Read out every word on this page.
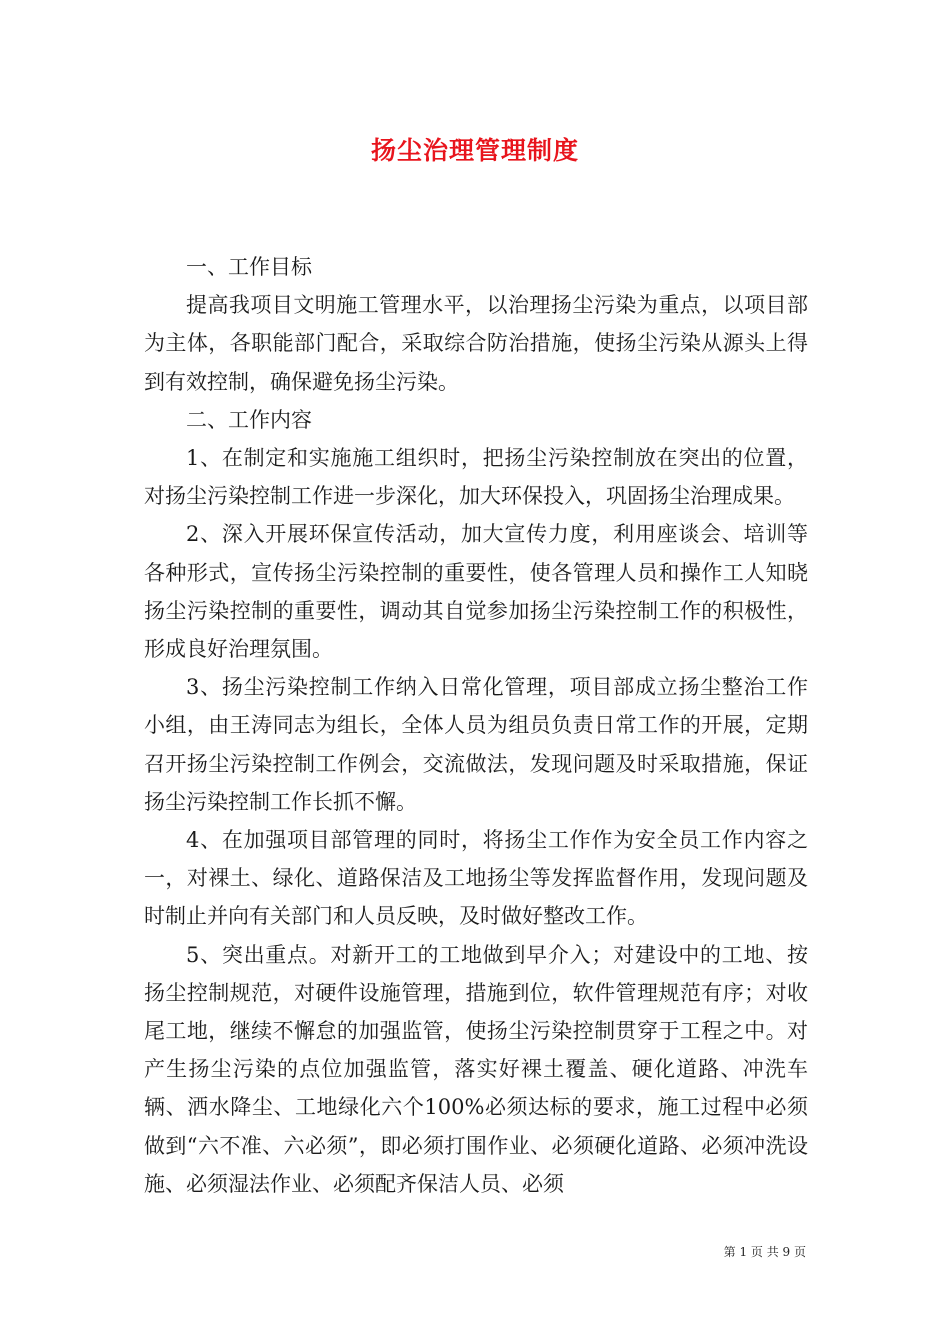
扬尘治理管理制度

一、工作目标

提高我项目文明施工管理水平，以治理扬尘污染为重点，以项目部为主体，各职能部门配合，采取综合防治措施，使扬尘污染从源头上得到有效控制，确保避免扬尘污染。

二、工作内容

1、在制定和实施施工组织时，把扬尘污染控制放在突出的位置，对扬尘污染控制工作进一步深化，加大环保投入，巩固扬尘治理成果。

2、深入开展环保宣传活动，加大宣传力度，利用座谈会、培训等各种形式，宣传扬尘污染控制的重要性，使各管理人员和操作工人知晓扬尘污染控制的重要性，调动其自觉参加扬尘污染控制工作的积极性，形成良好治理氛围。

3、扬尘污染控制工作纳入日常化管理，项目部成立扬尘整治工作小组，由王涛同志为组长，全体人员为组员负责日常工作的开展，定期召开扬尘污染控制工作例会，交流做法，发现问题及时采取措施，保证扬尘污染控制工作长抓不懈。

4、在加强项目部管理的同时，将扬尘工作作为安全员工作内容之一，对裸土、绿化、道路保洁及工地扬尘等发挥监督作用，发现问题及时制止并向有关部门和人员反映，及时做好整改工作。

5、突出重点。对新开工的工地做到早介入；对建设中的工地、按扬尘控制规范，对硬件设施管理，措施到位，软件管理规范有序；对收尾工地，继续不懈怠的加强监管，使扬尘污染控制贯穿于工程之中。对产生扬尘污染的点位加强监管，落实好裸土覆盖、硬化道路、冲洗车辆、洒水降尘、工地绿化六个100%必须达标的要求，施工过程中必须做到“六不准、六必须”，即必须打围作业、必须硬化道路、必须冲洗设施、必须湿法作业、必须配齐保洁人员、必须

第 1 页 共 9 页
